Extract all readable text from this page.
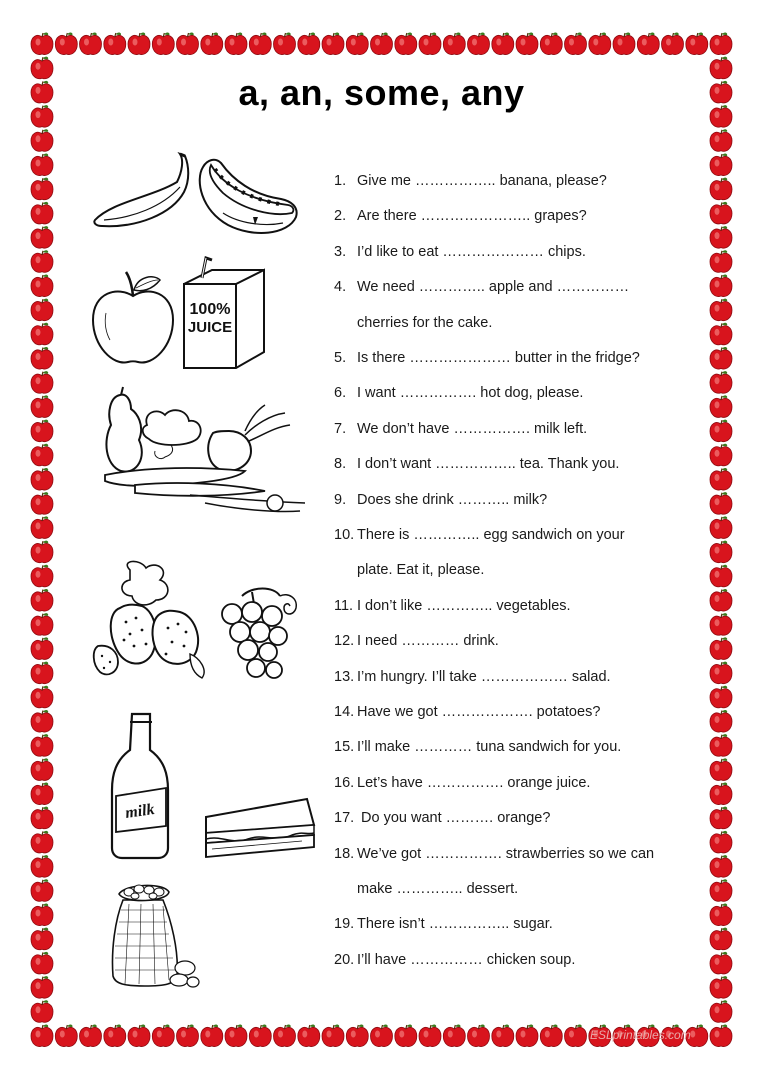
a, an, some, any
100%
JUICE
milk
1. Give me …………….. banana, please?
2. Are there ………………….. grapes?
3. I’d like to eat ………………… chips.
4. We need ………….. apple and ……………
cherries for the cake.
5. Is there ………………… butter in the fridge?
6. I want ……………. hot dog, please.
7. We don’t have ……………. milk left.
8. I don’t want …………….. tea. Thank you.
9. Does she drink ……….. milk?
10. There is ………….. egg sandwich on your
plate. Eat it, please.
11. I don’t like ………….. vegetables.
12. I need ………… drink.
13. I’m hungry. I’ll take ……………… salad.
14. Have we got ………………. potatoes?
15. I’ll make ………… tuna sandwich for you.
16. Let’s have ……………. orange juice.
17. Do you want ………. orange?
18. We’ve got ……………. strawberries so we can
make ………….. dessert.
19. There isn’t …………….. sugar.
20. I’ll have …………… chicken soup.
ESLprintables.com
